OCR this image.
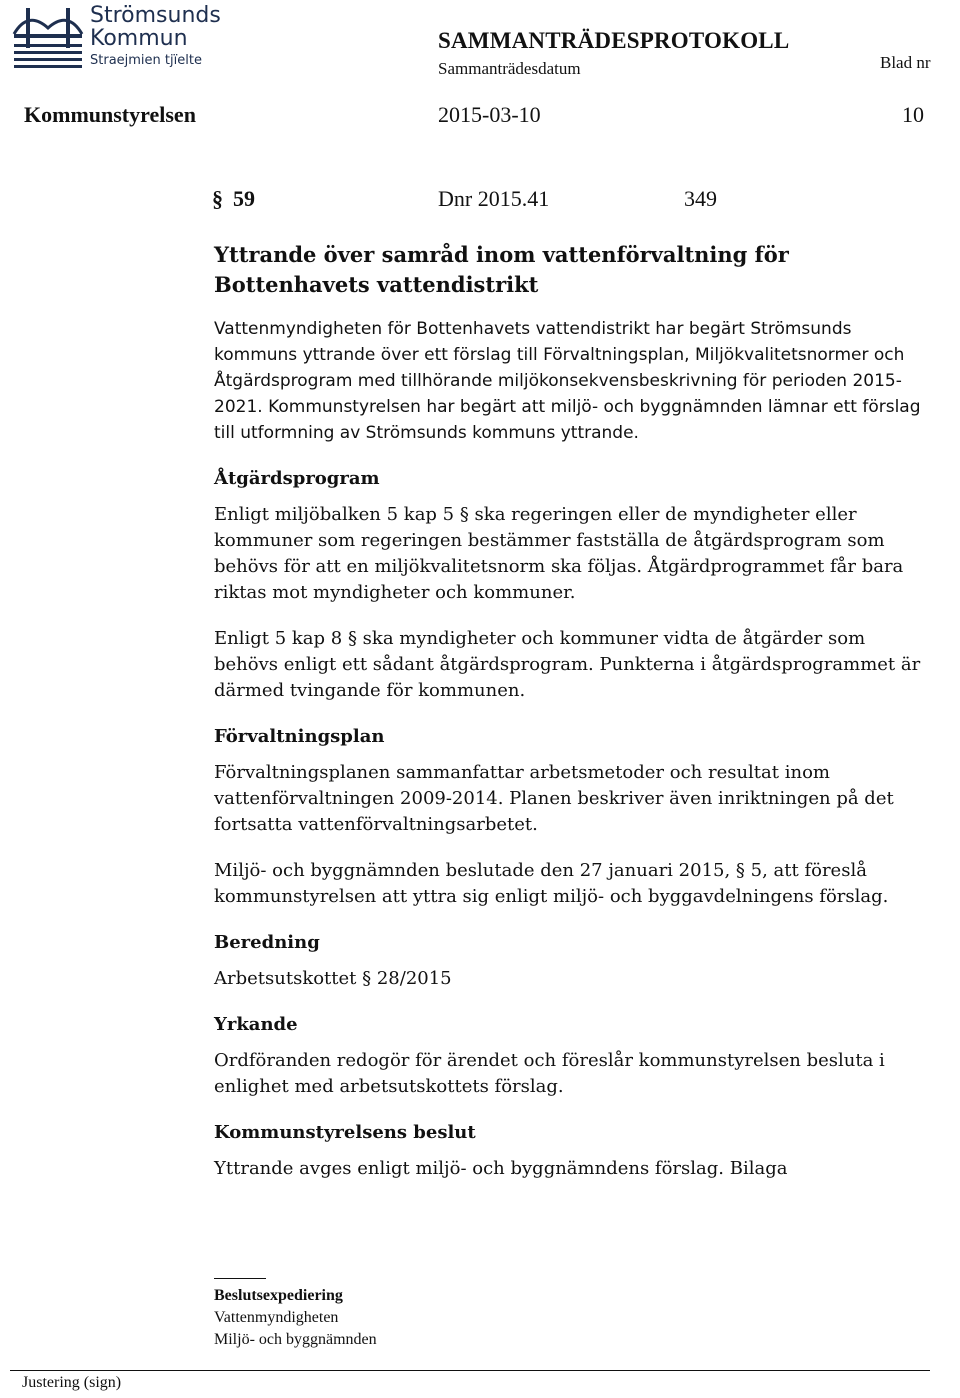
Strömsunds
Kommun
Straejmien tjïelte
SAMMANTRÄDESPROTOKOLL
Sammanträdesdatum	Blad nr
Kommunstyrelsen	2015-03-10	10
§ 59	Dnr 2015.41	349
Yttrande över samråd inom vattenförvaltning för Bottenhavets vattendistrikt

Vattenmyndigheten för Bottenhavets vattendistrikt har begärt Strömsunds kommuns yttrande över ett förslag till Förvaltningsplan, Miljökvalitetsnormer och Åtgärdsprogram med tillhörande miljökonsekvensbeskrivning för perioden 2015-2021. Kommunstyrelsen har begärt att miljö- och byggnämnden lämnar ett förslag till utformning av Strömsunds kommuns yttrande.

Åtgärdsprogram

Enligt miljöbalken 5 kap 5 § ska regeringen eller de myndigheter eller kommuner som regeringen bestämmer fastställa de åtgärdsprogram som behövs för att en miljökvalitetsnorm ska följas. Åtgärdprogrammet får bara riktas mot myndigheter och kommuner.

Enligt 5 kap 8 § ska myndigheter och kommuner vidta de åtgärder som behövs enligt ett sådant åtgärdsprogram. Punkterna i åtgärdsprogrammet är därmed tvingande för kommunen.

Förvaltningsplan

Förvaltningsplanen sammanfattar arbetsmetoder och resultat inom vattenförvaltningen 2009-2014. Planen beskriver även inriktningen på det fortsatta vattenförvaltningsarbetet.

Miljö- och byggnämnden beslutade den 27 januari 2015, § 5, att föreslå kommunstyrelsen att yttra sig enligt miljö- och byggavdelningens förslag.

Beredning

Arbetsutskottet § 28/2015

Yrkande

Ordföranden redogör för ärendet och föreslår kommunstyrelsen besluta i enlighet med arbetsutskottets förslag.

Kommunstyrelsens beslut

Yttrande avges enligt miljö- och byggnämndens förslag. Bilaga

Beslutsexpediering
Vattenmyndigheten
Miljö- och byggnämnden
Justering (sign)
